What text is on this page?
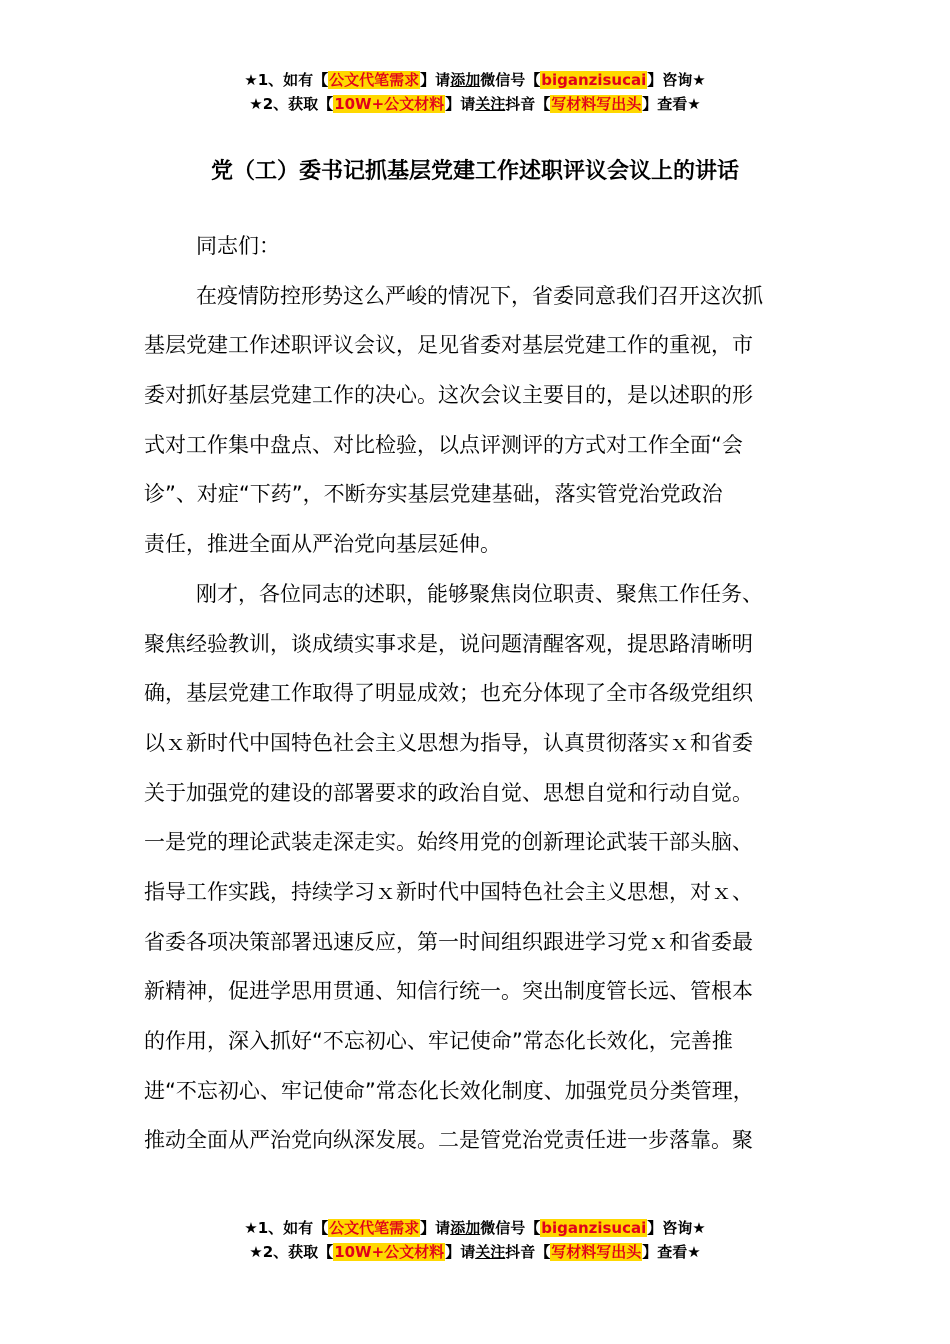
★1、如有【公文代笔需求】请添加微信号【biganzisucai】咨询★
★2、获取【10W+公文材料】请关注抖音【写材料写出头】查看★
党（工）委书记抓基层党建工作述职评议会议上的讲话
同志们：
在疫情防控形势这么严峻的情况下，省委同意我们召开这次抓
基层党建工作述职评议会议，足见省委对基层党建工作的重视，市
委对抓好基层党建工作的决心。这次会议主要目的，是以述职的形
式对工作集中盘点、对比检验，以点评测评的方式对工作全面“会
诊”、对症“下药”，不断夯实基层党建基础，落实管党治党政治
责任，推进全面从严治党向基层延伸。
刚才，各位同志的述职，能够聚焦岗位职责、聚焦工作任务、
聚焦经验教训，谈成绩实事求是，说问题清醒客观，提思路清晰明
确，基层党建工作取得了明显成效；也充分体现了全市各级党组织
以ｘ新时代中国特色社会主义思想为指导，认真贯彻落实ｘ和省委
关于加强党的建设的部署要求的政治自觉、思想自觉和行动自觉。
一是党的理论武装走深走实。始终用党的创新理论武装干部头脑、
指导工作实践，持续学习ｘ新时代中国特色社会主义思想，对ｘ、
省委各项决策部署迅速反应，第一时间组织跟进学习党ｘ和省委最
新精神，促进学思用贯通、知信行统一。突出制度管长远、管根本
的作用，深入抓好“不忘初心、牢记使命”常态化长效化，完善推
进“不忘初心、牢记使命”常态化长效化制度、加强党员分类管理，
推动全面从严治党向纵深发展。二是管党治党责任进一步落靠。聚
★1、如有【公文代笔需求】请添加微信号【biganzisucai】咨询★
★2、获取【10W+公文材料】请关注抖音【写材料写出头】查看★
